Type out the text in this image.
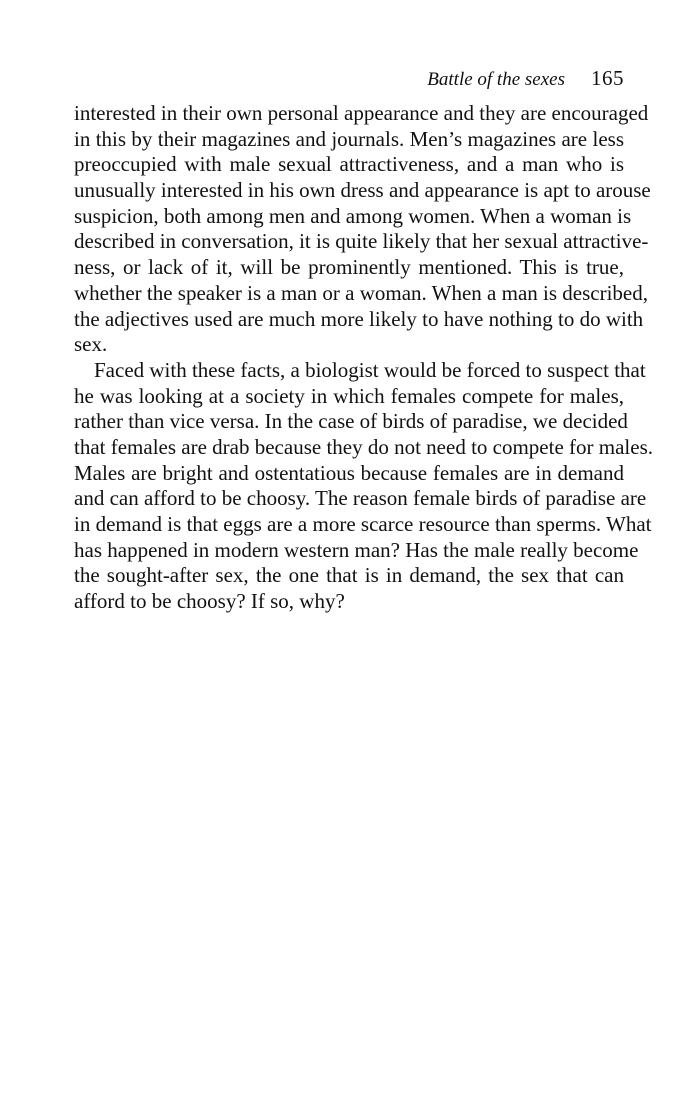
Battle of the sexes 165
interested in their own personal appearance and they are encouraged
in this by their magazines and journals. Men’s magazines are less
preoccupied with male sexual attractiveness, and a man who is
unusually interested in his own dress and appearance is apt to arouse
suspicion, both among men and among women. When a woman is
described in conversation, it is quite likely that her sexual attractive-
ness, or lack of it, will be prominently mentioned. This is true,
whether the speaker is a man or a woman. When a man is described,
the adjectives used are much more likely to have nothing to do with
sex.
Faced with these facts, a biologist would be forced to suspect that
he was looking at a society in which females compete for males,
rather than vice versa. In the case of birds of paradise, we decided
that females are drab because they do not need to compete for males.
Males are bright and ostentatious because females are in demand
and can afford to be choosy. The reason female birds of paradise are
in demand is that eggs are a more scarce resource than sperms. What
has happened in modern western man? Has the male really become
the sought-after sex, the one that is in demand, the sex that can
afford to be choosy? If so, why?
